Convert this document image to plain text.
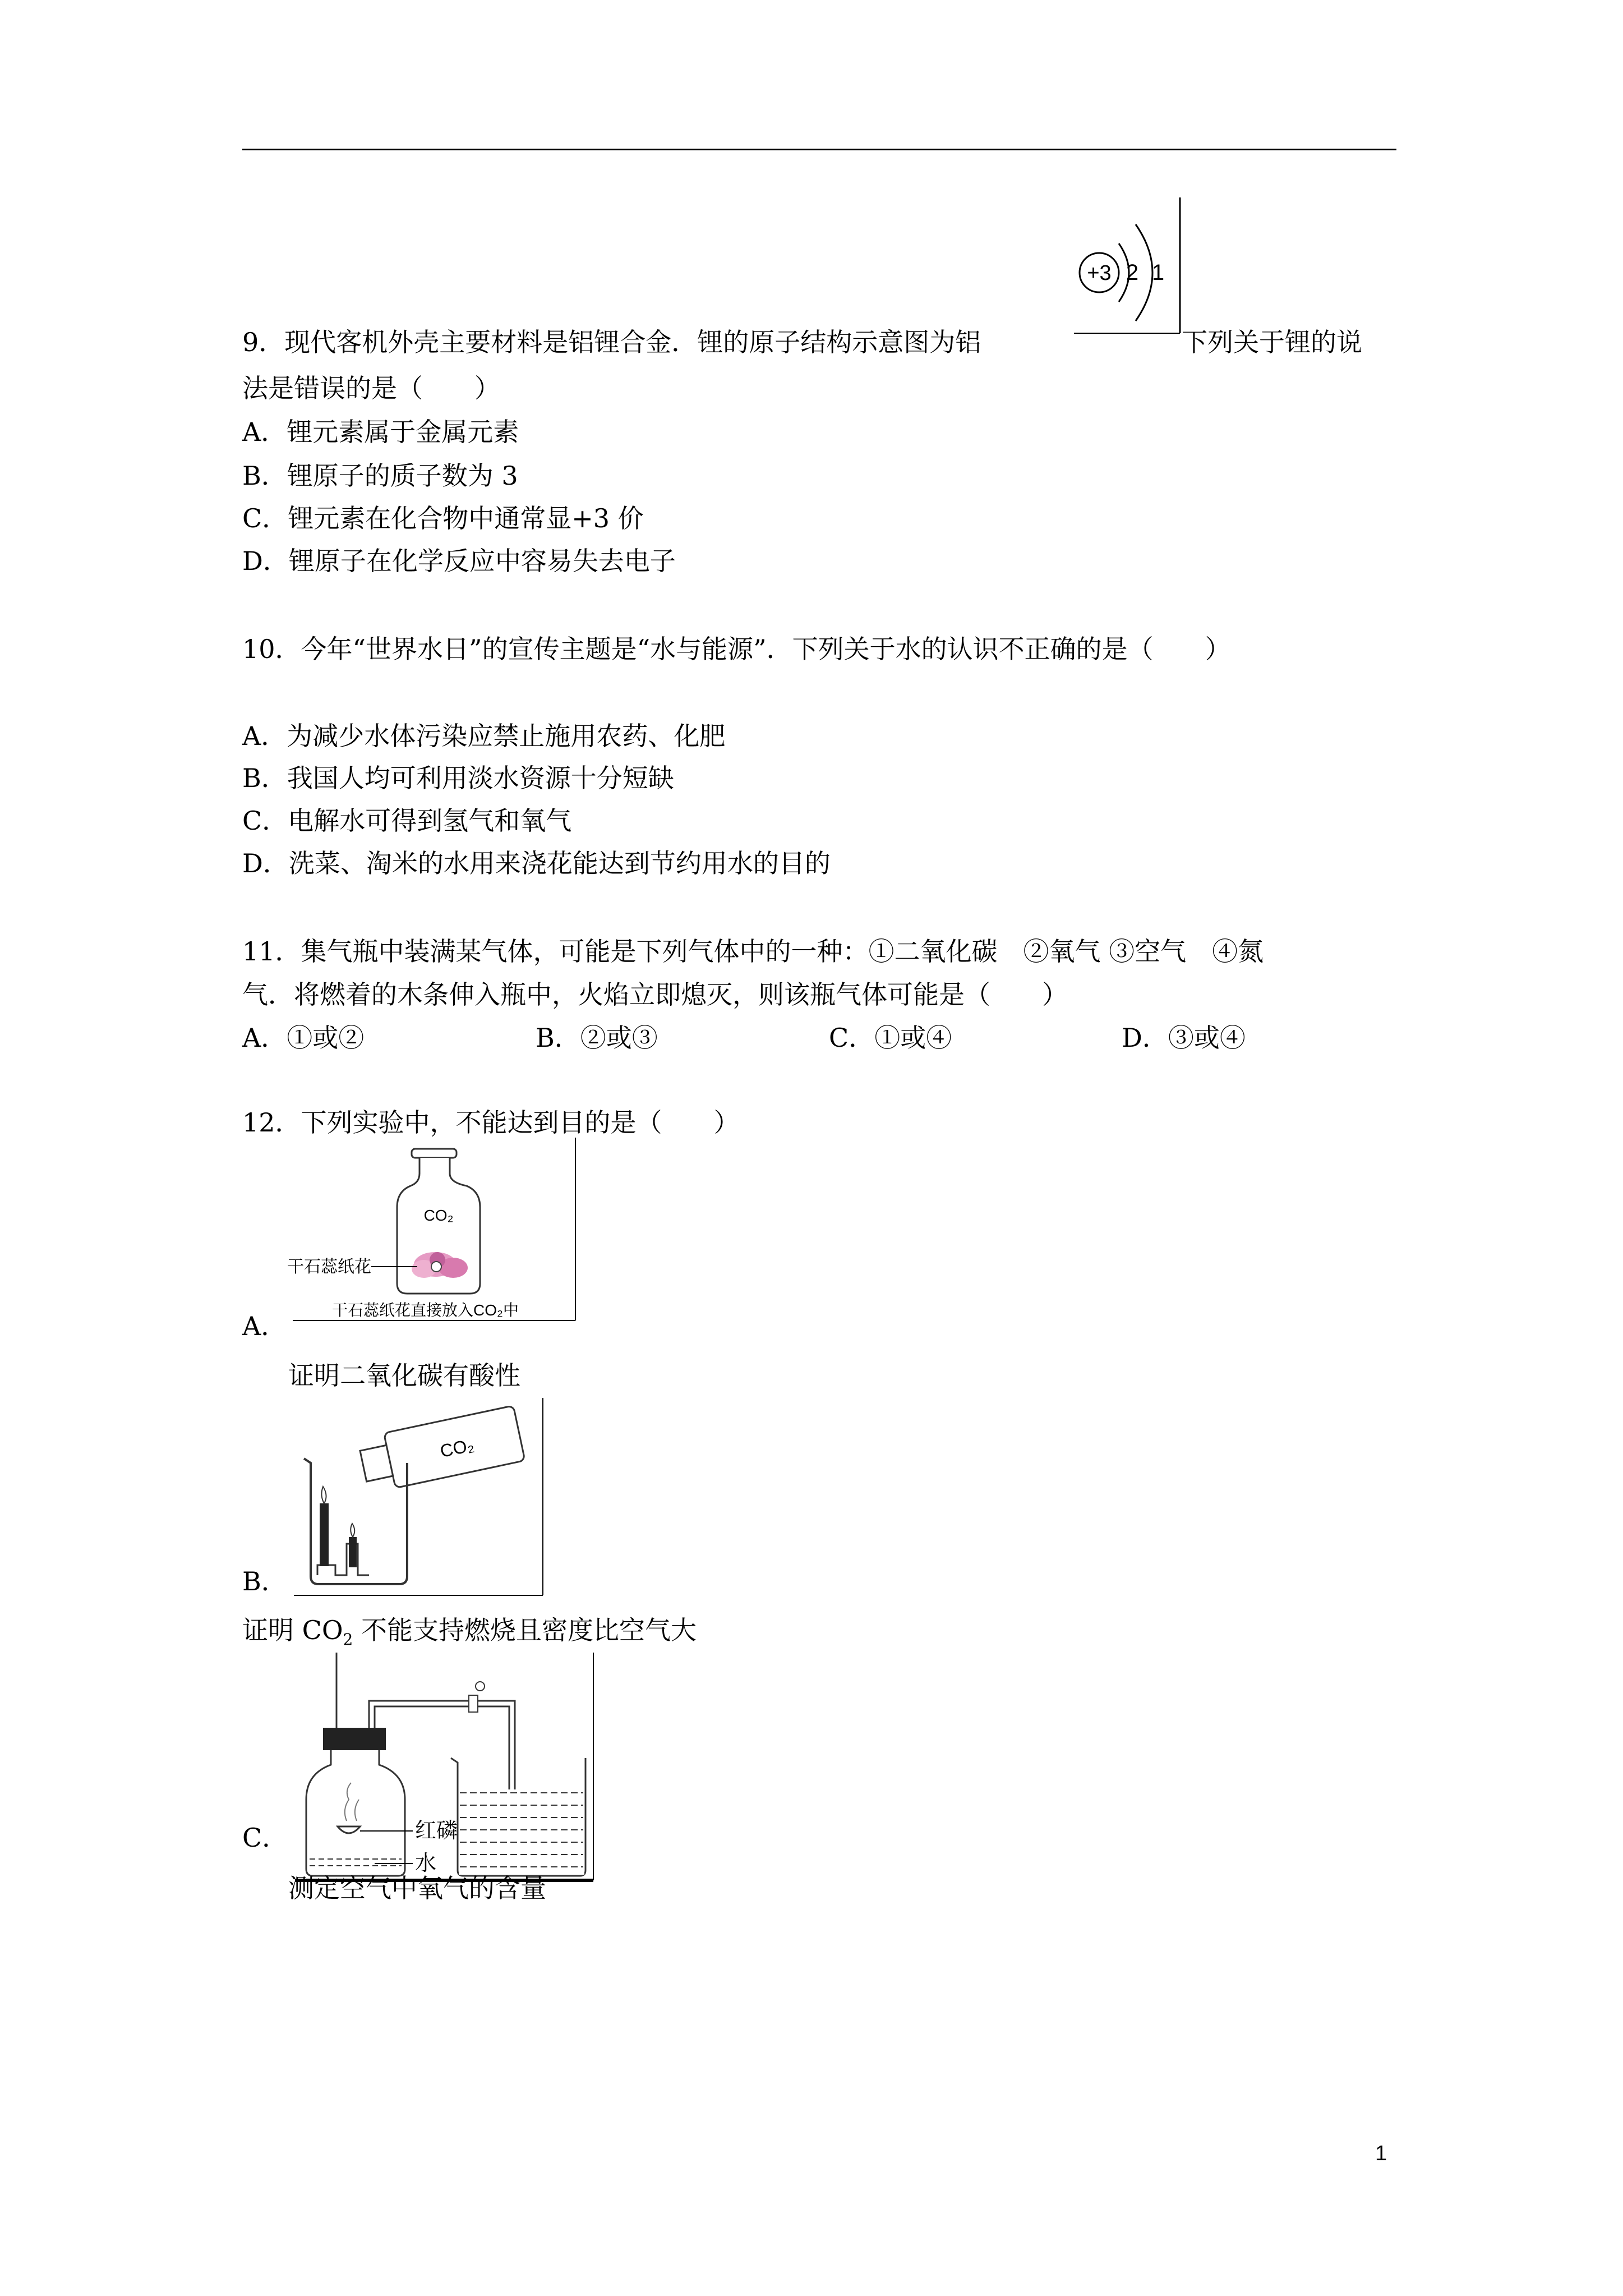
9．现代客机外壳主要材料是铝锂合金．锂的原子结构示意图为铝
+3 2 1
下列关于锂的说
法是错误的是（　　）
A．锂元素属于金属元素
B．锂原子的质子数为 3
C．锂元素在化合物中通常显+3 价
D．锂原子在化学反应中容易失去电子
10．今年“世界水日”的宣传主题是“水与能源”．下列关于水的认识不正确的是（　　）
A．为减少水体污染应禁止施用农药、化肥
B．我国人均可利用淡水资源十分短缺
C．电解水可得到氢气和氧气
D．洗菜、淘米的水用来浇花能达到节约用水的目的
11．集气瓶中装满某气体，可能是下列气体中的一种：①二氧化碳　②氧气 ③空气　④氮
气．将燃着的木条伸入瓶中，火焰立即熄灭，则该瓶气体可能是（　　）
A．①或②	B．②或③	C．①或④	D．③或④
12．下列实验中，不能达到目的是（　　）
CO₂
干石蕊纸花
干石蕊纸花直接放入CO₂中
A．
证明二氧化碳有酸性
CO₂
B．
证明 $CO_2$ 不能支持燃烧且密度比空气大
红磷
水
C．
测定空气中氧气的含量
1
